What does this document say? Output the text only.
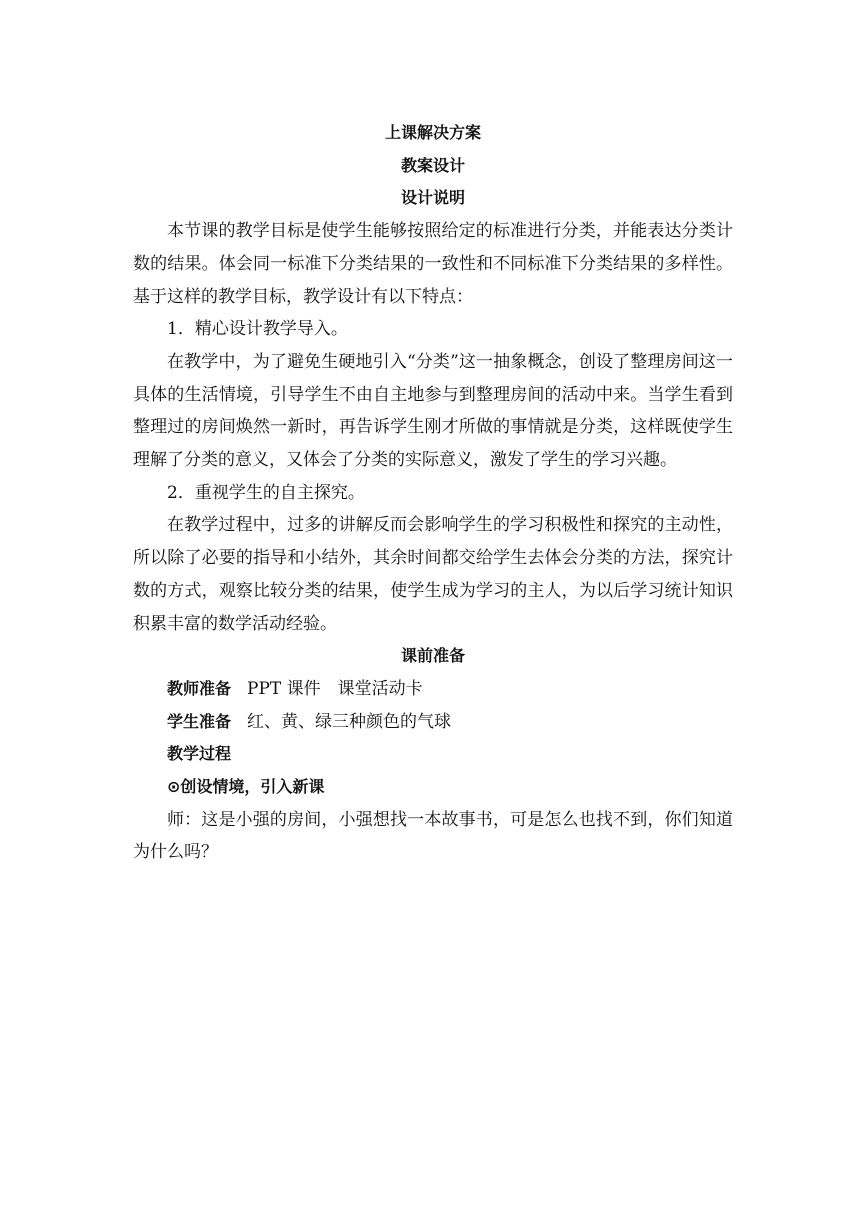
上课解决方案

教案设计

设计说明

本节课的教学目标是使学生能够按照给定的标准进行分类，并能表达分类计数的结果。体会同一标准下分类结果的一致性和不同标准下分类结果的多样性。基于这样的教学目标，教学设计有以下特点：

1．精心设计教学导入。

在教学中，为了避免生硬地引入“分类”这一抽象概念，创设了整理房间这一具体的生活情境，引导学生不由自主地参与到整理房间的活动中来。当学生看到整理过的房间焕然一新时，再告诉学生刚才所做的事情就是分类，这样既使学生理解了分类的意义，又体会了分类的实际意义，激发了学生的学习兴趣。

2．重视学生的自主探究。

在教学过程中，过多的讲解反而会影响学生的学习积极性和探究的主动性，所以除了必要的指导和小结外，其余时间都交给学生去体会分类的方法，探究计数的方式，观察比较分类的结果，使学生成为学习的主人，为以后学习统计知识积累丰富的数学活动经验。

课前准备

教师准备 PPT 课件　课堂活动卡

学生准备 红、黄、绿三种颜色的气球

教学过程

⊙创设情境，引入新课

师：这是小强的房间，小强想找一本故事书，可是怎么也找不到，你们知道为什么吗？
